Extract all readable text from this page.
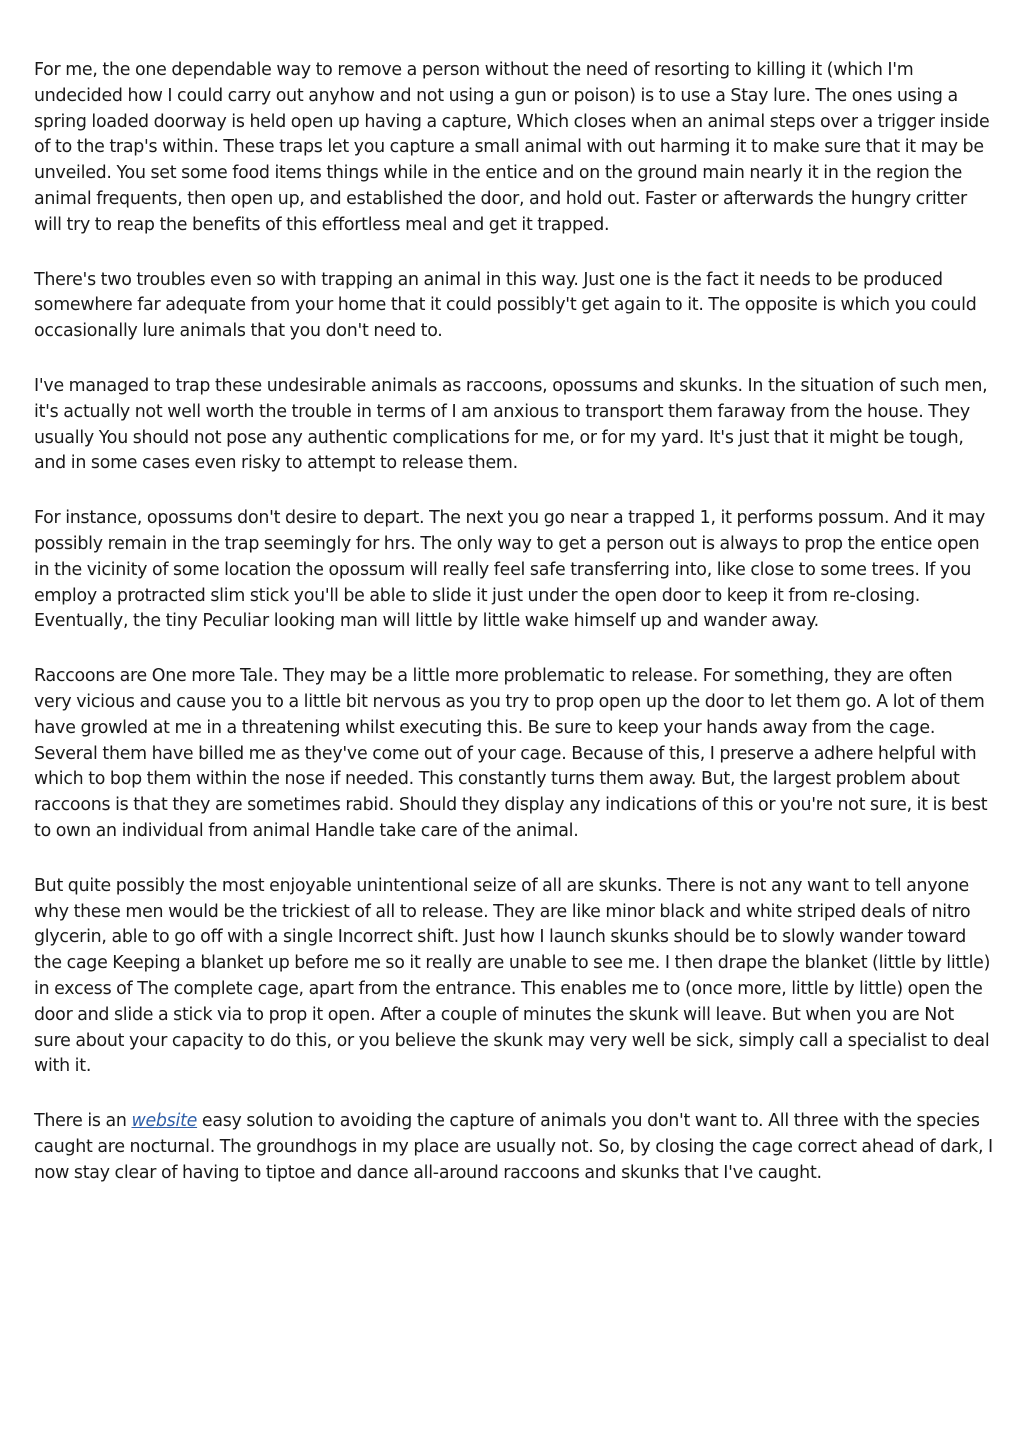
For me, the one dependable way to remove a person without the need of resorting to killing it (which I'm undecided how I could carry out anyhow and not using a gun or poison) is to use a Stay lure. The ones using a spring loaded doorway is held open up having a capture, Which closes when an animal steps over a trigger inside of to the trap's within. These traps let you capture a small animal with out harming it to make sure that it may be unveiled. You set some food items things while in the entice and on the ground main nearly it in the region the animal frequents, then open up, and established the door, and hold out. Faster or afterwards the hungry critter will try to reap the benefits of this effortless meal and get it trapped.

There's two troubles even so with trapping an animal in this way. Just one is the fact it needs to be produced somewhere far adequate from your home that it could possibly't get again to it. The opposite is which you could occasionally lure animals that you don't need to.

I've managed to trap these undesirable animals as raccoons, opossums and skunks. In the situation of such men, it's actually not well worth the trouble in terms of I am anxious to transport them faraway from the house. They usually You should not pose any authentic complications for me, or for my yard. It's just that it might be tough, and in some cases even risky to attempt to release them.

For instance, opossums don't desire to depart. The next you go near a trapped 1, it performs possum. And it may possibly remain in the trap seemingly for hrs. The only way to get a person out is always to prop the entice open in the vicinity of some location the opossum will really feel safe transferring into, like close to some trees. If you employ a protracted slim stick you'll be able to slide it just under the open door to keep it from re-closing. Eventually, the tiny Peculiar looking man will little by little wake himself up and wander away.

Raccoons are One more Tale. They may be a little more problematic to release. For something, they are often very vicious and cause you to a little bit nervous as you try to prop open up the door to let them go. A lot of them have growled at me in a threatening whilst executing this. Be sure to keep your hands away from the cage. Several them have billed me as they've come out of your cage. Because of this, I preserve a adhere helpful with which to bop them within the nose if needed. This constantly turns them away. But, the largest problem about raccoons is that they are sometimes rabid. Should they display any indications of this or you're not sure, it is best to own an individual from animal Handle take care of the animal.

But quite possibly the most enjoyable unintentional seize of all are skunks. There is not any want to tell anyone why these men would be the trickiest of all to release. They are like minor black and white striped deals of nitro glycerin, able to go off with a single Incorrect shift. Just how I launch skunks should be to slowly wander toward the cage Keeping a blanket up before me so it really are unable to see me. I then drape the blanket (little by little) in excess of The complete cage, apart from the entrance. This enables me to (once more, little by little) open the door and slide a stick via to prop it open. After a couple of minutes the skunk will leave. But when you are Not sure about your capacity to do this, or you believe the skunk may very well be sick, simply call a specialist to deal with it.

There is an website easy solution to avoiding the capture of animals you don't want to. All three with the species caught are nocturnal. The groundhogs in my place are usually not. So, by closing the cage correct ahead of dark, I now stay clear of having to tiptoe and dance all-around raccoons and skunks that I've caught.
